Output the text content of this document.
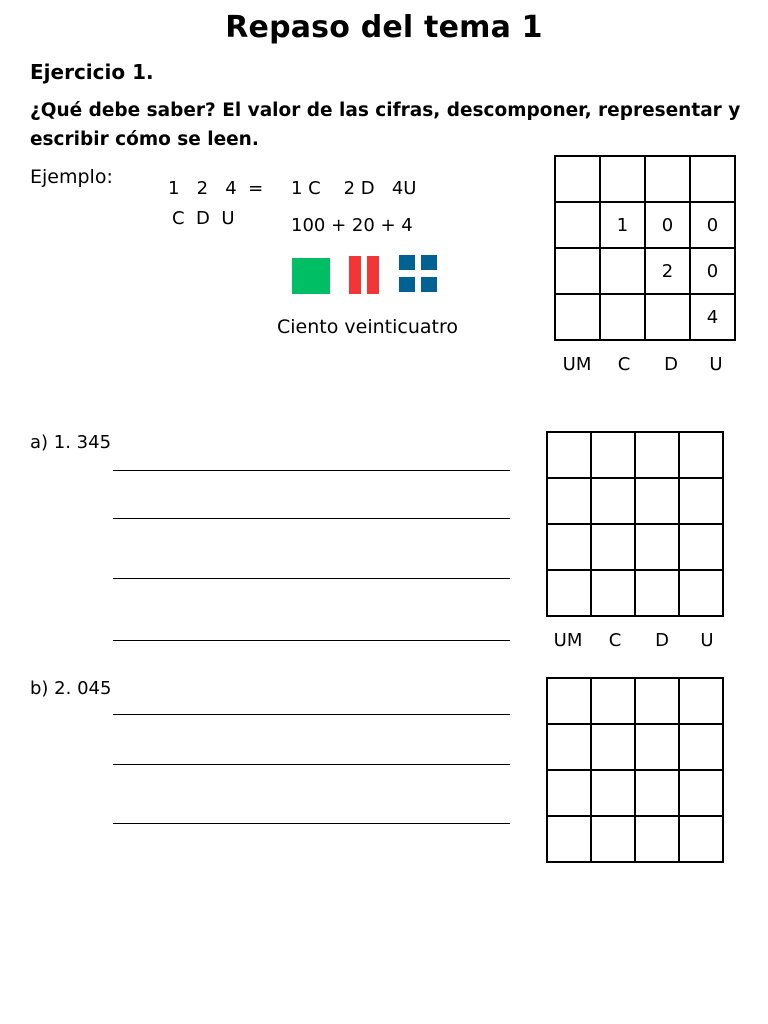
Repaso del tema 1
Ejercicio 1.
¿Qué debe saber? El valor de las cifras, descomponer, representar y escribir cómo se leen.
Ejemplo:
1   2   4  =
C  D  U
1 C    2 D   4U
100 + 20 + 4
Ciento veinticuatro

	1	0	0
		2	0
			4
UM	C	D	U
a) 1. 345

UM	C	D	U
b) 2. 045
